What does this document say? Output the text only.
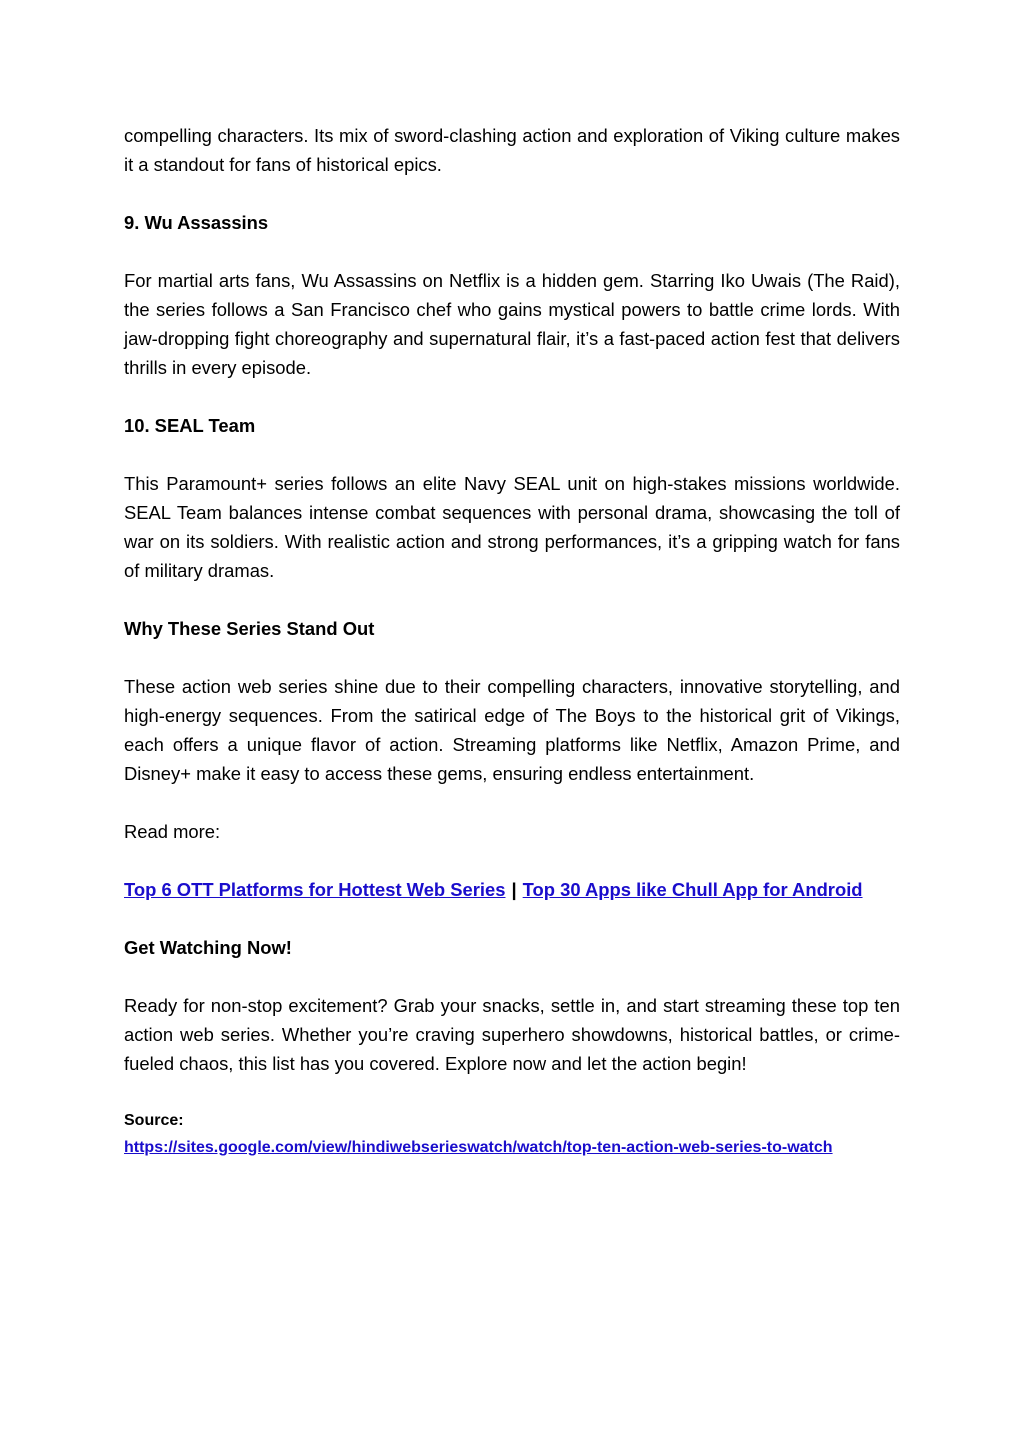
compelling characters. Its mix of sword-clashing action and exploration of Viking culture makes it a standout for fans of historical epics.

9. Wu Assassins

For martial arts fans, Wu Assassins on Netflix is a hidden gem. Starring Iko Uwais (The Raid), the series follows a San Francisco chef who gains mystical powers to battle crime lords. With jaw-dropping fight choreography and supernatural flair, it’s a fast-paced action fest that delivers thrills in every episode.

10. SEAL Team

This Paramount+ series follows an elite Navy SEAL unit on high-stakes missions worldwide. SEAL Team balances intense combat sequences with personal drama, showcasing the toll of war on its soldiers. With realistic action and strong performances, it’s a gripping watch for fans of military dramas.

Why These Series Stand Out

These action web series shine due to their compelling characters, innovative storytelling, and high-energy sequences. From the satirical edge of The Boys to the historical grit of Vikings, each offers a unique flavor of action. Streaming platforms like Netflix, Amazon Prime, and Disney+ make it easy to access these gems, ensuring endless entertainment.

Read more:

Top 6 OTT Platforms for Hottest Web Series | Top 30 Apps like Chull App for Android
Get Watching Now!

Ready for non-stop excitement? Grab your snacks, settle in, and start streaming these top ten action web series. Whether you’re craving superhero showdowns, historical battles, or crime-fueled chaos, this list has you covered. Explore now and let the action begin!

Source:
https://sites.google.com/view/hindiwebserieswatch/watch/top-ten-action-web-series-to-watch
